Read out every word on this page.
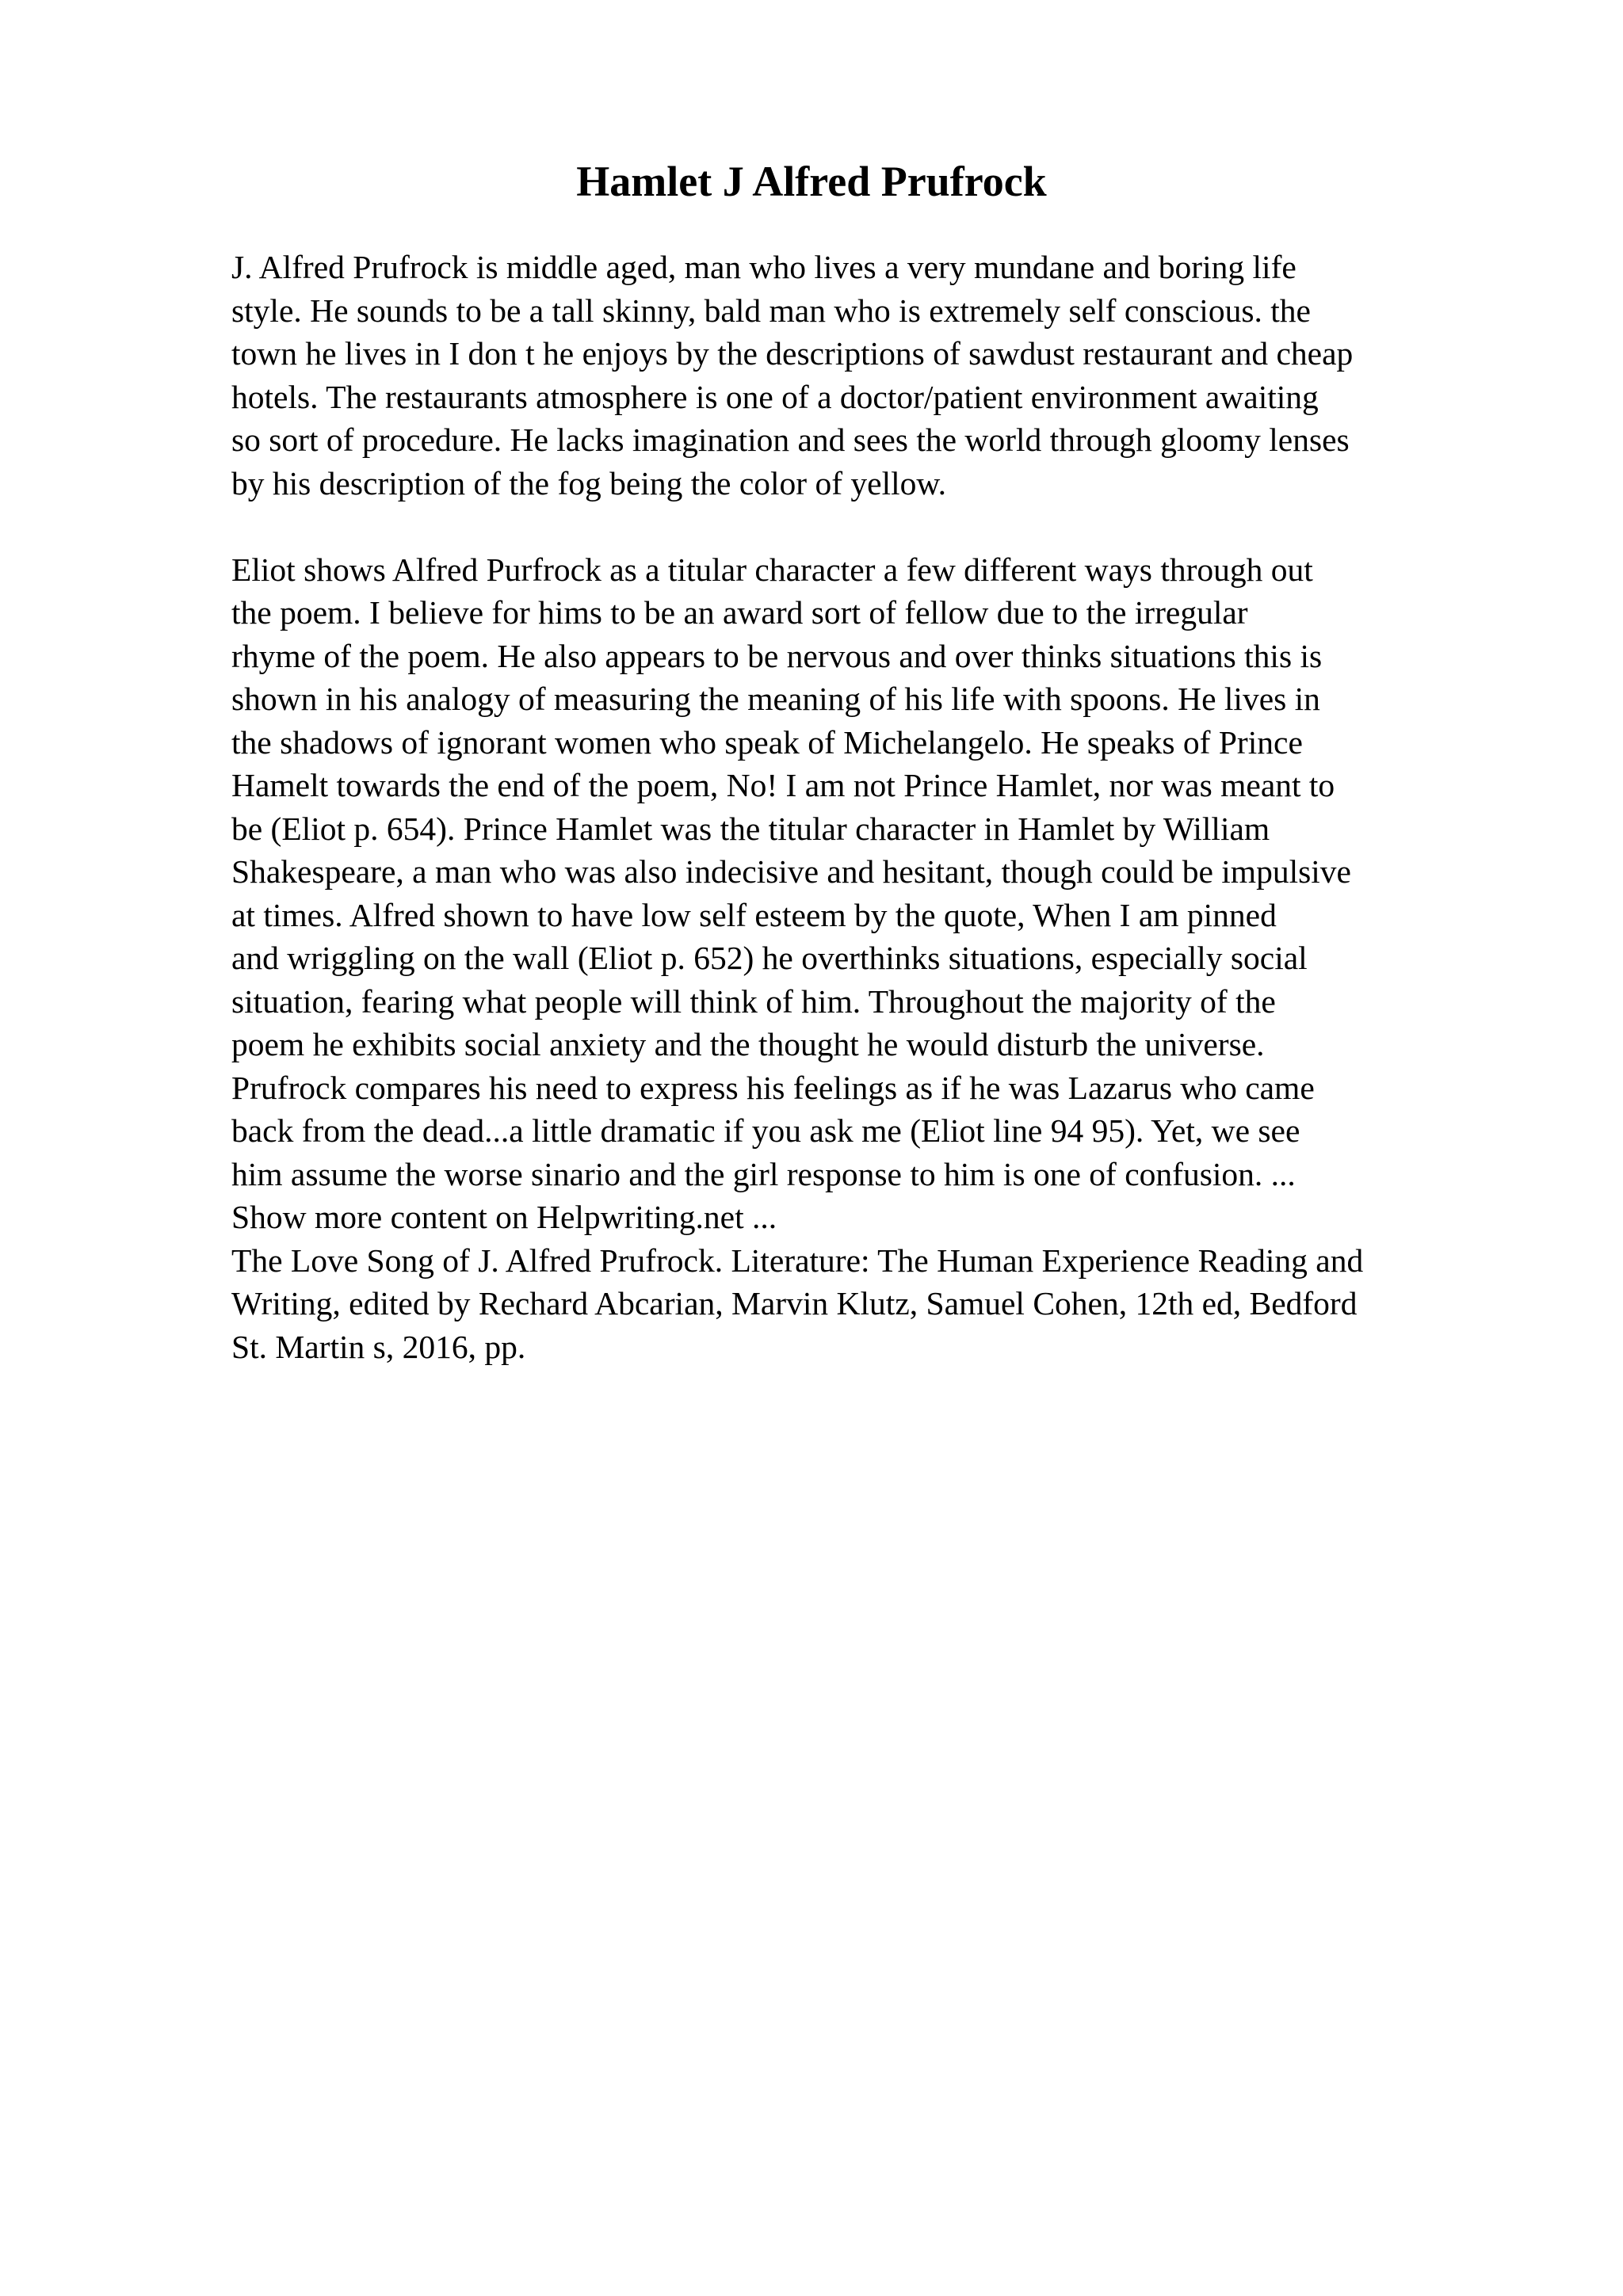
Hamlet J Alfred Prufrock
J. Alfred Prufrock is middle aged, man who lives a very mundane and boring life
style. He sounds to be a tall skinny, bald man who is extremely self conscious. the
town he lives in I don t he enjoys by the descriptions of sawdust restaurant and cheap
hotels. The restaurants atmosphere is one of a doctor/patient environment awaiting
so sort of procedure. He lacks imagination and sees the world through gloomy lenses
by his description of the fog being the color of yellow.
Eliot shows Alfred Purfrock as a titular character a few different ways through out
the poem. I believe for hims to be an award sort of fellow due to the irregular
rhyme of the poem. He also appears to be nervous and over thinks situations this is
shown in his analogy of measuring the meaning of his life with spoons. He lives in
the shadows of ignorant women who speak of Michelangelo. He speaks of Prince
Hamelt towards the end of the poem, No! I am not Prince Hamlet, nor was meant to
be (Eliot p. 654). Prince Hamlet was the titular character in Hamlet by William
Shakespeare, a man who was also indecisive and hesitant, though could be impulsive
at times. Alfred shown to have low self esteem by the quote, When I am pinned
and wriggling on the wall (Eliot p. 652) he overthinks situations, especially social
situation, fearing what people will think of him. Throughout the majority of the
poem he exhibits social anxiety and the thought he would disturb the universe.
Prufrock compares his need to express his feelings as if he was Lazarus who came
back from the dead...a little dramatic if you ask me (Eliot line 94 95). Yet, we see
him assume the worse sinario and the girl response to him is one of confusion. ...
Show more content on Helpwriting.net ...
The Love Song of J. Alfred Prufrock. Literature: The Human Experience Reading and
Writing, edited by Rechard Abcarian, Marvin Klutz, Samuel Cohen, 12th ed, Bedford
St. Martin s, 2016, pp.
